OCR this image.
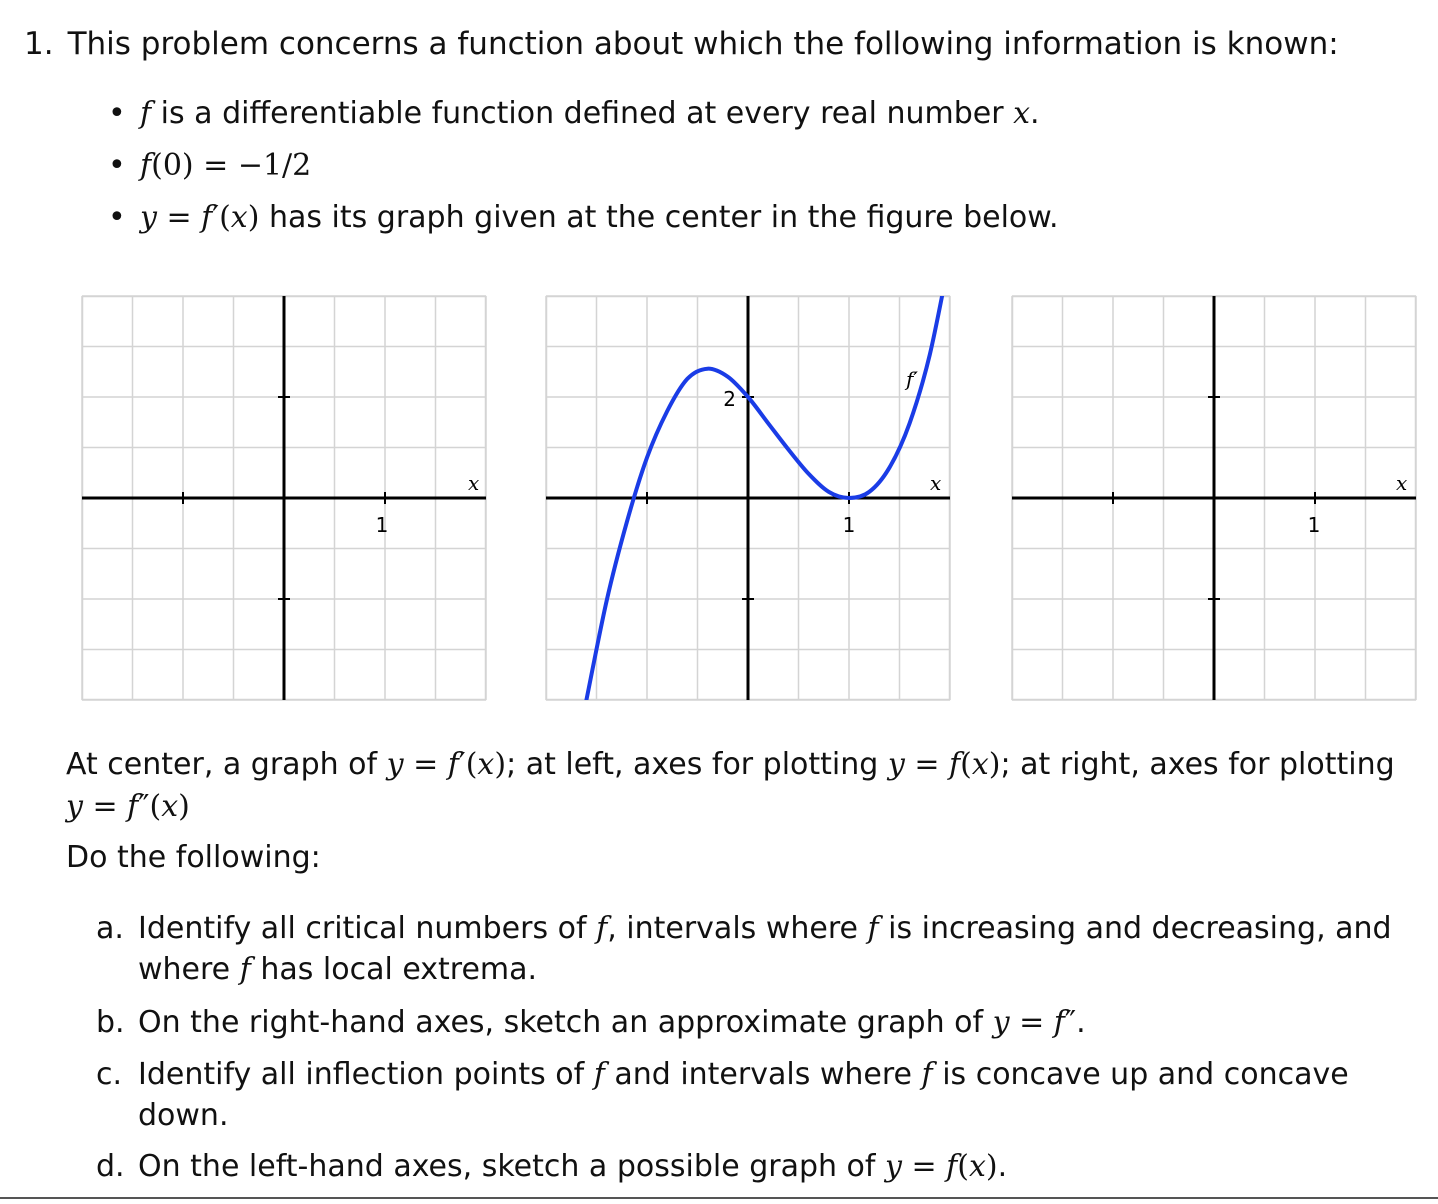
1. This problem concerns a function about which the following information is known:
• f is a differentiable function defined at every real number x.
• f(0) = −1/2
• y = f′(x) has its graph given at the center in the figure below.
x
1
x
1
2
f′
x
1
At center, a graph of y = f′(x); at left, axes for plotting y = f(x); at right, axes for plotting y = f″(x)
Do the following:
a. Identify all critical numbers of f, intervals where f is increasing and decreasing, and where f has local extrema.
b. On the right-hand axes, sketch an approximate graph of y = f″.
c. Identify all inflection points of f and intervals where f is concave up and concave down.
d. On the left-hand axes, sketch a possible graph of y = f(x).
